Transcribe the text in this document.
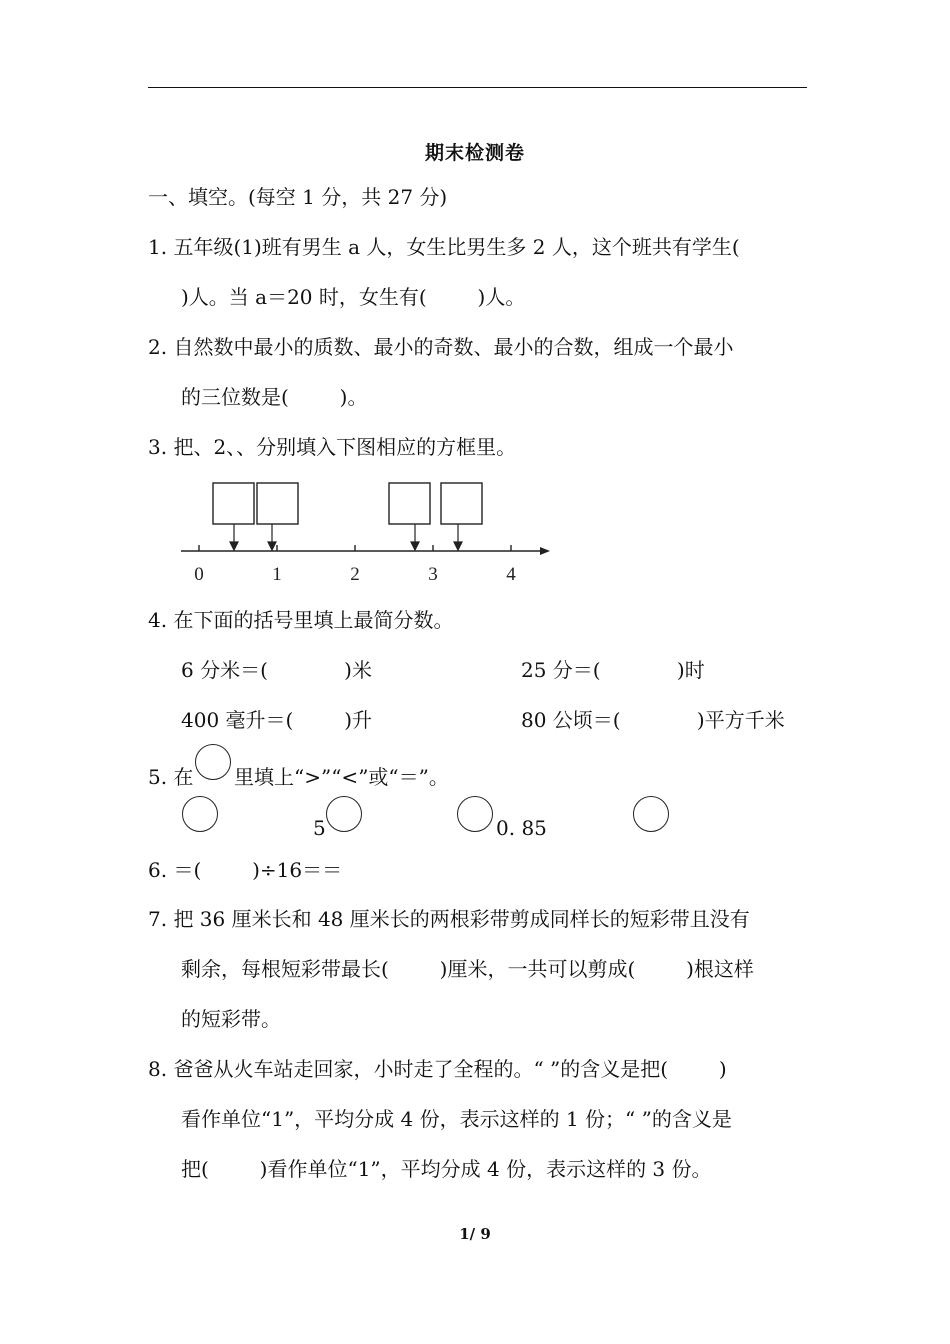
期末检测卷
一、填空。(每空 1 分，共 27 分)
1. 五年级(1)班有男生 a 人，女生比男生多 2 人，这个班共有学生(
)人。当 a＝20 时，女生有(        )人。
2. 自然数中最小的质数、最小的奇数、最小的合数，组成一个最小
的三位数是(        )。
3. 把、2、、分别填入下图相应的方框里。
0	1	2	3	4
4. 在下面的括号里填上最简分数。
6 分米＝(            )米	25 分＝(            )时
400 毫升＝(        )升	80 公顷＝(            )平方千米
5. 在 里填上“>”“<”或“＝”。
5	0. 85
6. ＝(        )÷16＝＝
7. 把 36 厘米长和 48 厘米长的两根彩带剪成同样长的短彩带且没有
剩余，每根短彩带最长(        )厘米，一共可以剪成(        )根这样
的短彩带。
8. 爸爸从火车站走回家，小时走了全程的。“ ”的含义是把(        )
看作单位“1”，平均分成 4 份，表示这样的 1 份；“ ”的含义是
把(        )看作单位“1”，平均分成 4 份，表示这样的 3 份。
1/ 9
